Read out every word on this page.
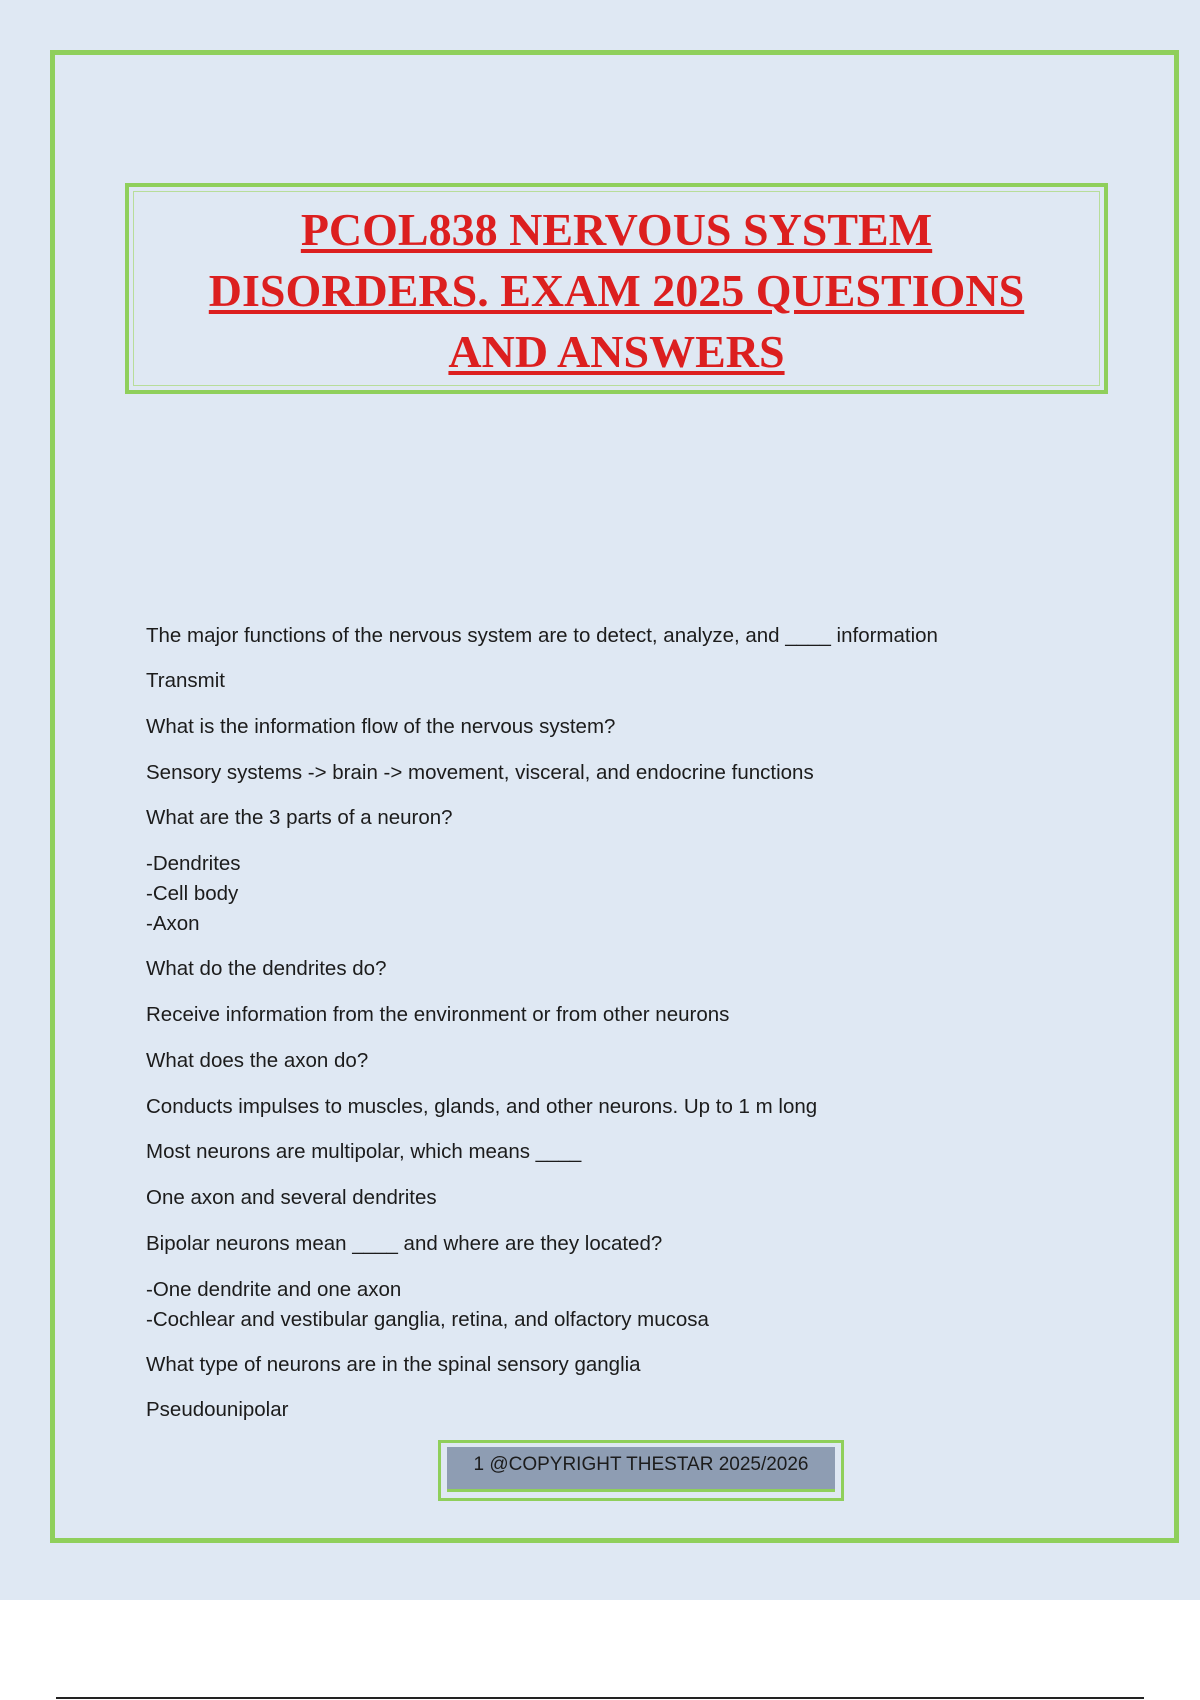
PCOL838 NERVOUS SYSTEM DISORDERS. EXAM 2025 QUESTIONS AND ANSWERS

The major functions of the nervous system are to detect, analyze, and ____ information

Transmit

What is the information flow of the nervous system?

Sensory systems -> brain -> movement, visceral, and endocrine functions

What are the 3 parts of a neuron?

-Dendrites
-Cell body
-Axon

What do the dendrites do?

Receive information from the environment or from other neurons

What does the axon do?

Conducts impulses to muscles, glands, and other neurons. Up to 1 m long

Most neurons are multipolar, which means ____

One axon and several dendrites

Bipolar neurons mean ____ and where are they located?

-One dendrite and one axon
-Cochlear and vestibular ganglia, retina, and olfactory mucosa

What type of neurons are in the spinal sensory ganglia

Pseudounipolar

1 @COPYRIGHT THESTAR 2025/2026
